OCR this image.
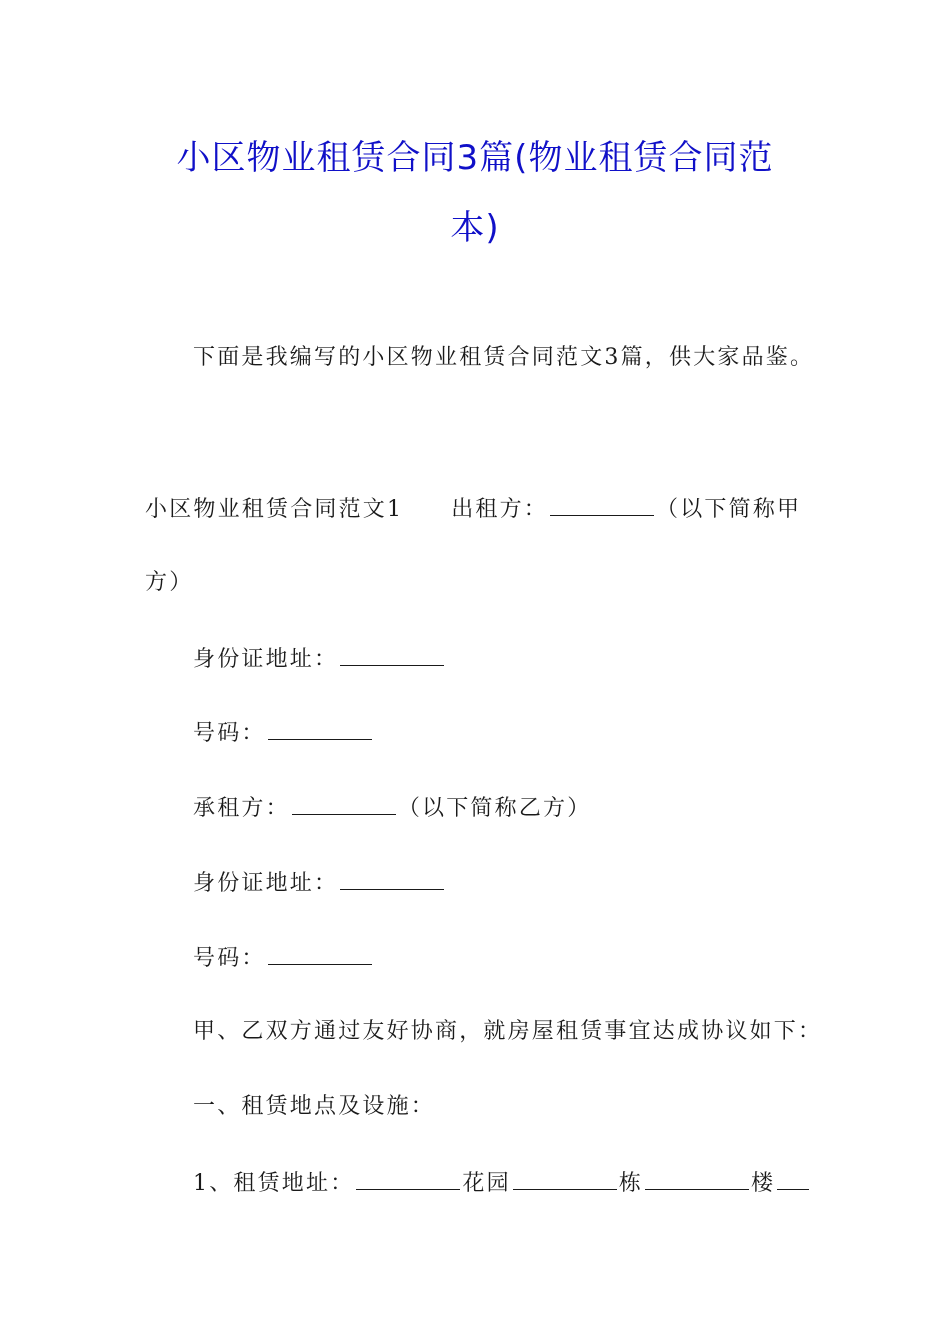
小区物业租赁合同3篇(物业租赁合同范
本)
下面是我编写的小区物业租赁合同范文3篇，供大家品鉴。
小区物业租赁合同范文1 出租方：	（以下简称甲
方）
身份证地址：
号码：
承租方：	（以下简称乙方）
身份证地址：
号码：
甲、乙双方通过友好协商，就房屋租赁事宜达成协议如下：
一、租赁地点及设施：
1、租赁地址：	花园	栋	楼
